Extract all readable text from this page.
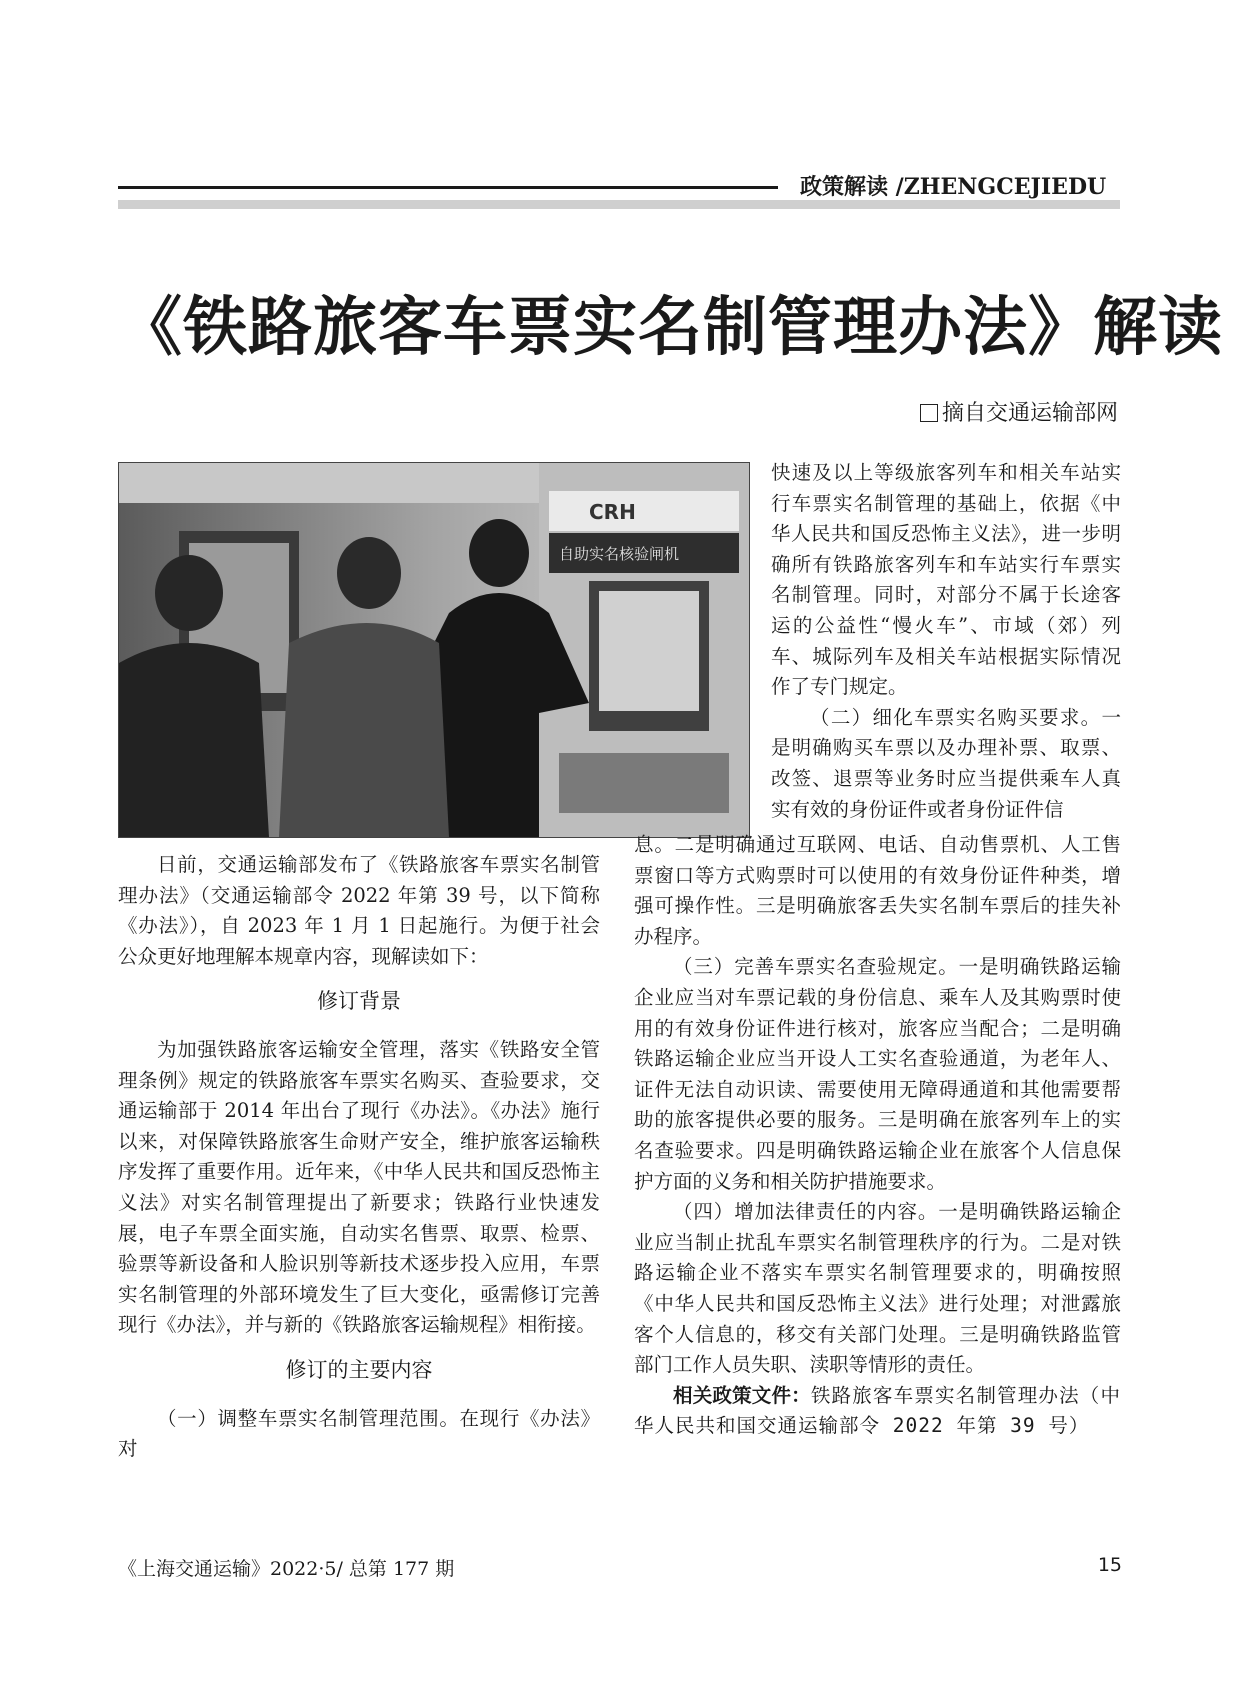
政策解读 /ZHENGCEJIEDU
《铁路旅客车票实名制管理办法》解读
摘自交通运输部网
CRH
自助实名核验闸机

快速及以上等级旅客列车和相关车站实行车票实名制管理的基础上，依据《中华人民共和国反恐怖主义法》，进一步明确所有铁路旅客列车和车站实行车票实名制管理。同时，对部分不属于长途客运的公益性“慢火车”、市域（郊）列车、城际列车及相关车站根据实际情况作了专门规定。

（二）细化车票实名购买要求。一是明确购买车票以及办理补票、取票、改签、退票等业务时应当提供乘车人真实有效的身份证件或者身份证件信

息。二是明确通过互联网、电话、自动售票机、人工售票窗口等方式购票时可以使用的有效身份证件种类，增强可操作性。三是明确旅客丢失实名制车票后的挂失补办程序。

（三）完善车票实名查验规定。一是明确铁路运输企业应当对车票记载的身份信息、乘车人及其购票时使用的有效身份证件进行核对，旅客应当配合；二是明确铁路运输企业应当开设人工实名查验通道，为老年人、证件无法自动识读、需要使用无障碍通道和其他需要帮助的旅客提供必要的服务。三是明确在旅客列车上的实名查验要求。四是明确铁路运输企业在旅客个人信息保护方面的义务和相关防护措施要求。

（四）增加法律责任的内容。一是明确铁路运输企业应当制止扰乱车票实名制管理秩序的行为。二是对铁路运输企业不落实车票实名制管理要求的，明确按照《中华人民共和国反恐怖主义法》进行处理；对泄露旅客个人信息的，移交有关部门处理。三是明确铁路监管部门工作人员失职、渎职等情形的责任。

相关政策文件：铁路旅客车票实名制管理办法（中华人民共和国交通运输部令 2022 年第 39 号）

日前，交通运输部发布了《铁路旅客车票实名制管理办法》（交通运输部令 2022 年第 39 号，以下简称《办法》），自 2023 年 1 月 1 日起施行。为便于社会公众更好地理解本规章内容，现解读如下：

修订背景

为加强铁路旅客运输安全管理，落实《铁路安全管理条例》规定的铁路旅客车票实名购买、查验要求，交通运输部于 2014 年出台了现行《办法》。《办法》施行以来，对保障铁路旅客生命财产安全，维护旅客运输秩序发挥了重要作用。近年来，《中华人民共和国反恐怖主义法》对实名制管理提出了新要求；铁路行业快速发展，电子车票全面实施，自动实名售票、取票、检票、验票等新设备和人脸识别等新技术逐步投入应用，车票实名制管理的外部环境发生了巨大变化，亟需修订完善现行《办法》，并与新的《铁路旅客运输规程》相衔接。

修订的主要内容

（一）调整车票实名制管理范围。在现行《办法》对

《上海交通运输》2022·5/ 总第 177 期	15
